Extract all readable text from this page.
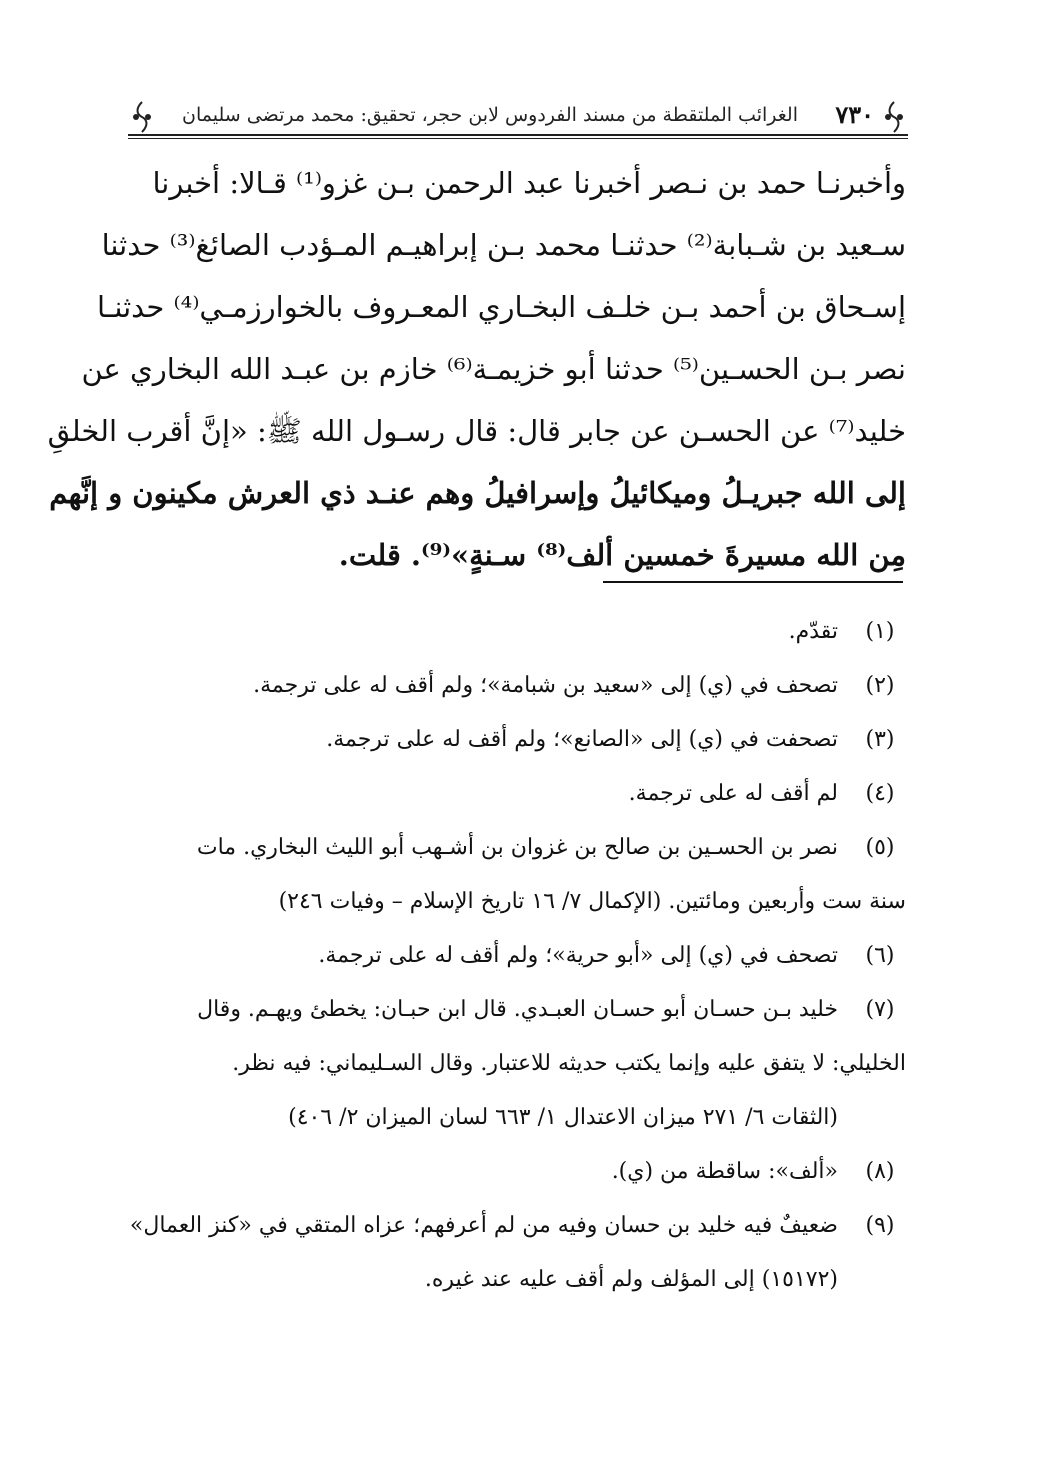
الغرائب الملتقطة من مسند الفردوس لابن حجر، تحقيق: محمد مرتضى سليمان ٧٣٠
وأخبرنـا حمد بن نـصر أخبرنا عبد الرحمن بـن غزو⁽¹⁾ قـالا: أخبرنا
سـعيد بن شـبابة⁽²⁾ حدثنـا محمد بـن إبراهيـم المـؤدب الصائغ⁽³⁾ حدثنا
إسـحاق بن أحمد بـن خلـف البخـاري المعـروف بالخوارزمـي⁽⁴⁾ حدثنـا
نصر بـن الحسـين⁽⁵⁾ حدثنا أبو خزيمـة⁽⁶⁾ خازم بن عبـد الله البخاري عن
خليد⁽⁷⁾ عن الحسـن عن جابر قال: قال رسـول الله ﷺ: «إنَّ أقرب الخلقِ
إلى الله جبريـلُ وميكائيلُ وإسرافيلُ وهم عنـد ذي العرش مكينون و إنَّهم
مِن الله مسيرةَ خمسين ألف⁽⁸⁾ سـنةٍ»⁽⁹⁾. قلت.
(١)
تقدّم.
(٢)
تصحف في (ي) إلى «سعيد بن شبامة»؛ ولم أقف له على ترجمة.
(٣)
تصحفت في (ي) إلى «الصانع»؛ ولم أقف له على ترجمة.
(٤)
لم أقف له على ترجمة.
(٥)
نصر بن الحسـين بن صالح بن غزوان بن أشـهب أبو الليث البخاري. مات
سنة ست وأربعين ومائتين. (الإكمال ٧/ ١٦ تاريخ الإسلام – وفيات ٢٤٦)
(٦)
تصحف في (ي) إلى «أبو حرية»؛ ولم أقف له على ترجمة.
(٧)
خليد بـن حسـان أبو حسـان العبـدي. قال ابن حبـان: يخطئ ويهـم. وقال
الخليلي: لا يتفق عليه وإنما يكتب حديثه للاعتبار. وقال السـليماني: فيه نظر.
(الثقات ٦/ ٢٧١ ميزان الاعتدال ١/ ٦٦٣ لسان الميزان ٢/ ٤٠٦)
(٨)
«ألف»: ساقطة من (ي).
(٩)
ضعيفٌ فيه خليد بن حسان وفيه من لم أعرفهم؛ عزاه المتقي في «كنز العمال»
(١٥١٧٢) إلى المؤلف ولم أقف عليه عند غيره.
